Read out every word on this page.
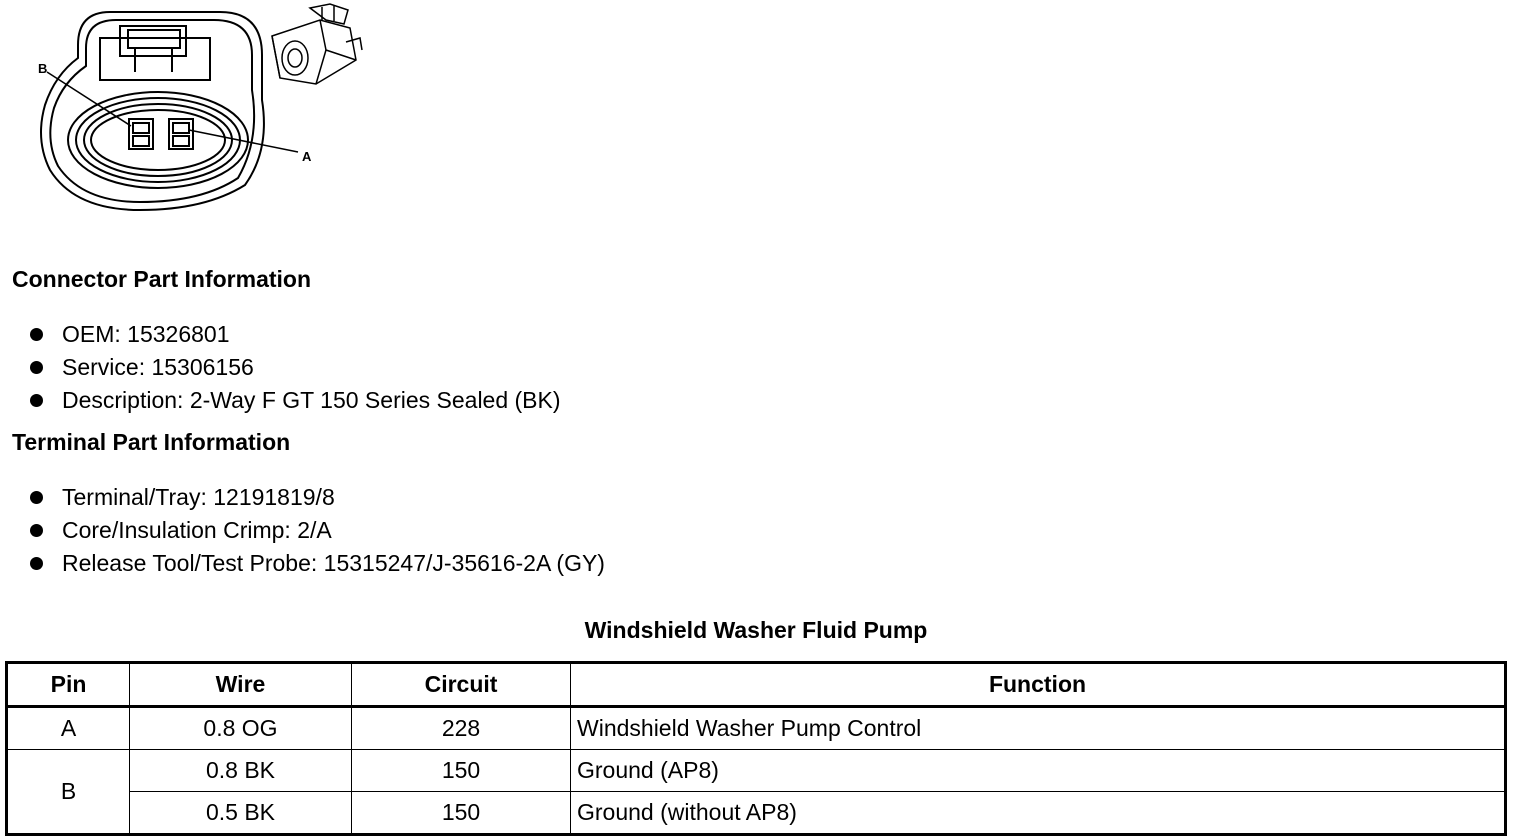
B
A
Connector Part Information
OEM: 15326801
Service: 15306156
Description: 2-Way F GT 150 Series Sealed (BK)
Terminal Part Information
Terminal/Tray: 12191819/8
Core/Insulation Crimp: 2/A
Release Tool/Test Probe: 15315247/J-35616-2A (GY)
Windshield Washer Fluid Pump
Pin	Wire	Circuit	Function
A	0.8 OG	228	Windshield Washer Pump Control
B	0.8 BK	150	Ground (AP8)
	0.5 BK	150	Ground (without AP8)
